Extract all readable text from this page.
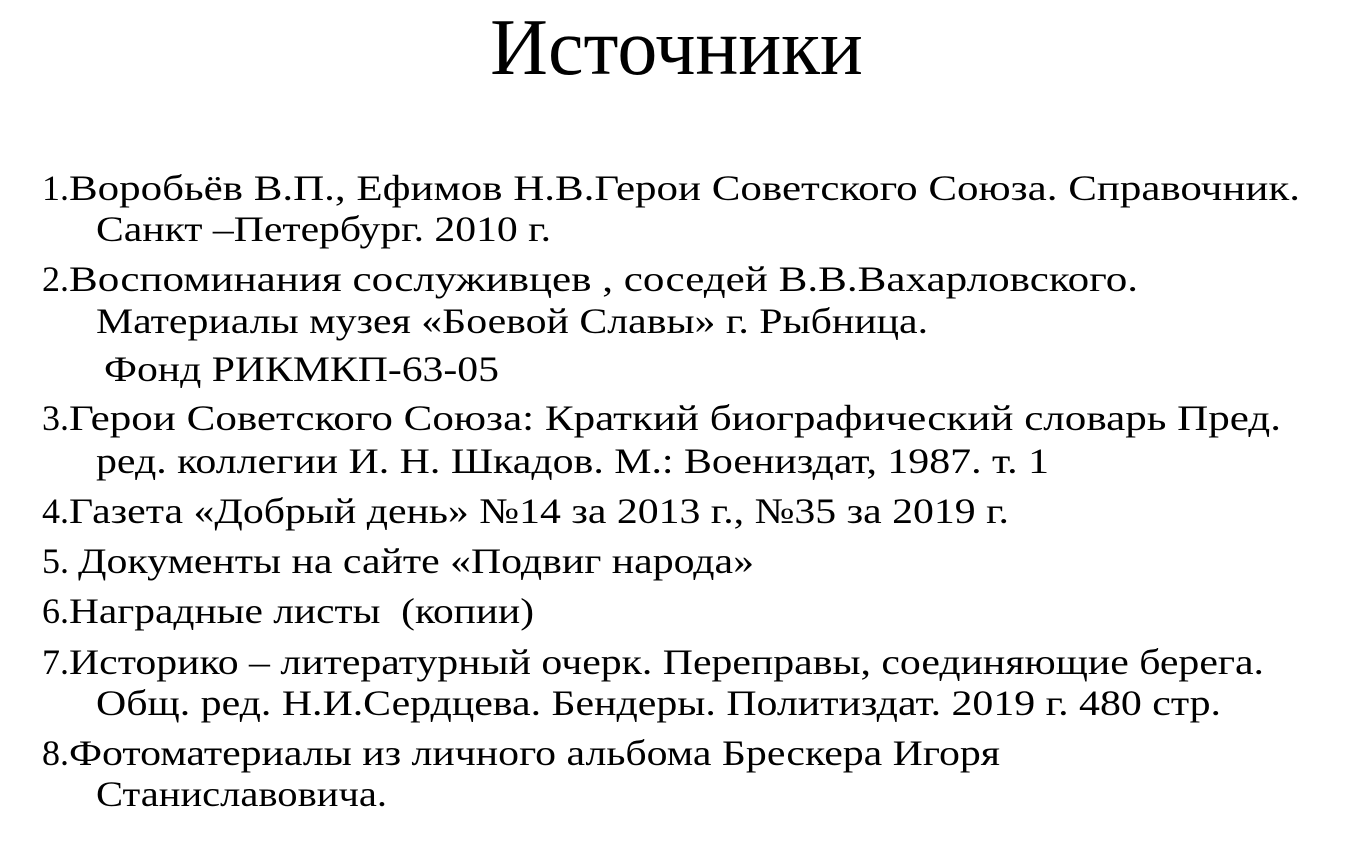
Источники
1.Воробьёв В.П., Ефимов Н.В.Герои Советского Союза. Справочник.
Санкт –Петербург. 2010 г.
2.Воспоминания сослуживцев , соседей В.В.Вахарловского.
Материалы музея «Боевой Славы» г. Рыбница.
Фонд РИКМКП-63-05
3.Герои Советского Союза: Краткий биографический словарь Пред.
ред. коллегии И. Н. Шкадов. М.: Воениздат, 1987. т. 1
4.Газета «Добрый день» №14 за 2013 г., №35 за 2019 г.
5. Документы на сайте «Подвиг народа»
6.Наградные листы  (копии)
7.Историко – литературный очерк. Переправы, соединяющие берега.
Общ. ред. Н.И.Сердцева. Бендеры. Политиздат. 2019 г. 480 стр.
8.Фотоматериалы из личного альбома Брескера Игоря
Станиславовича.
